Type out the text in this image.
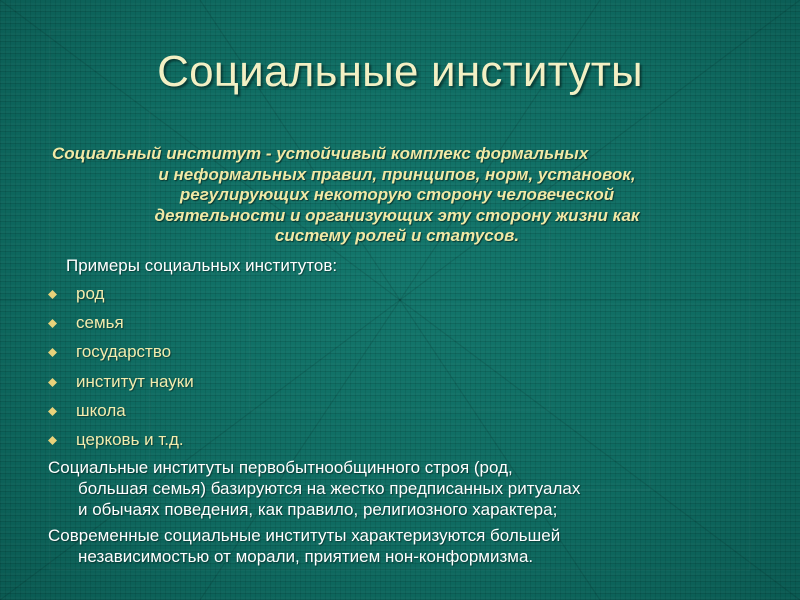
Социальные институты
Социальный институт - устойчивый комплекс формальных
и неформальных правил, принципов, норм, установок,
регулирующих некоторую сторону человеческой
деятельности и организующих эту сторону жизни как
систему ролей и статусов.
Примеры социальных институтов:
род
семья
государство
институт науки
школа
церковь и т.д.
Социальные институты первобытнообщинного строя (род,
большая семья) базируются на жестко предписанных ритуалах
и обычаях поведения, как правило, религиозного характера;
Современные социальные институты характеризуются большей
независимостью от морали, приятием нон-конформизма.
